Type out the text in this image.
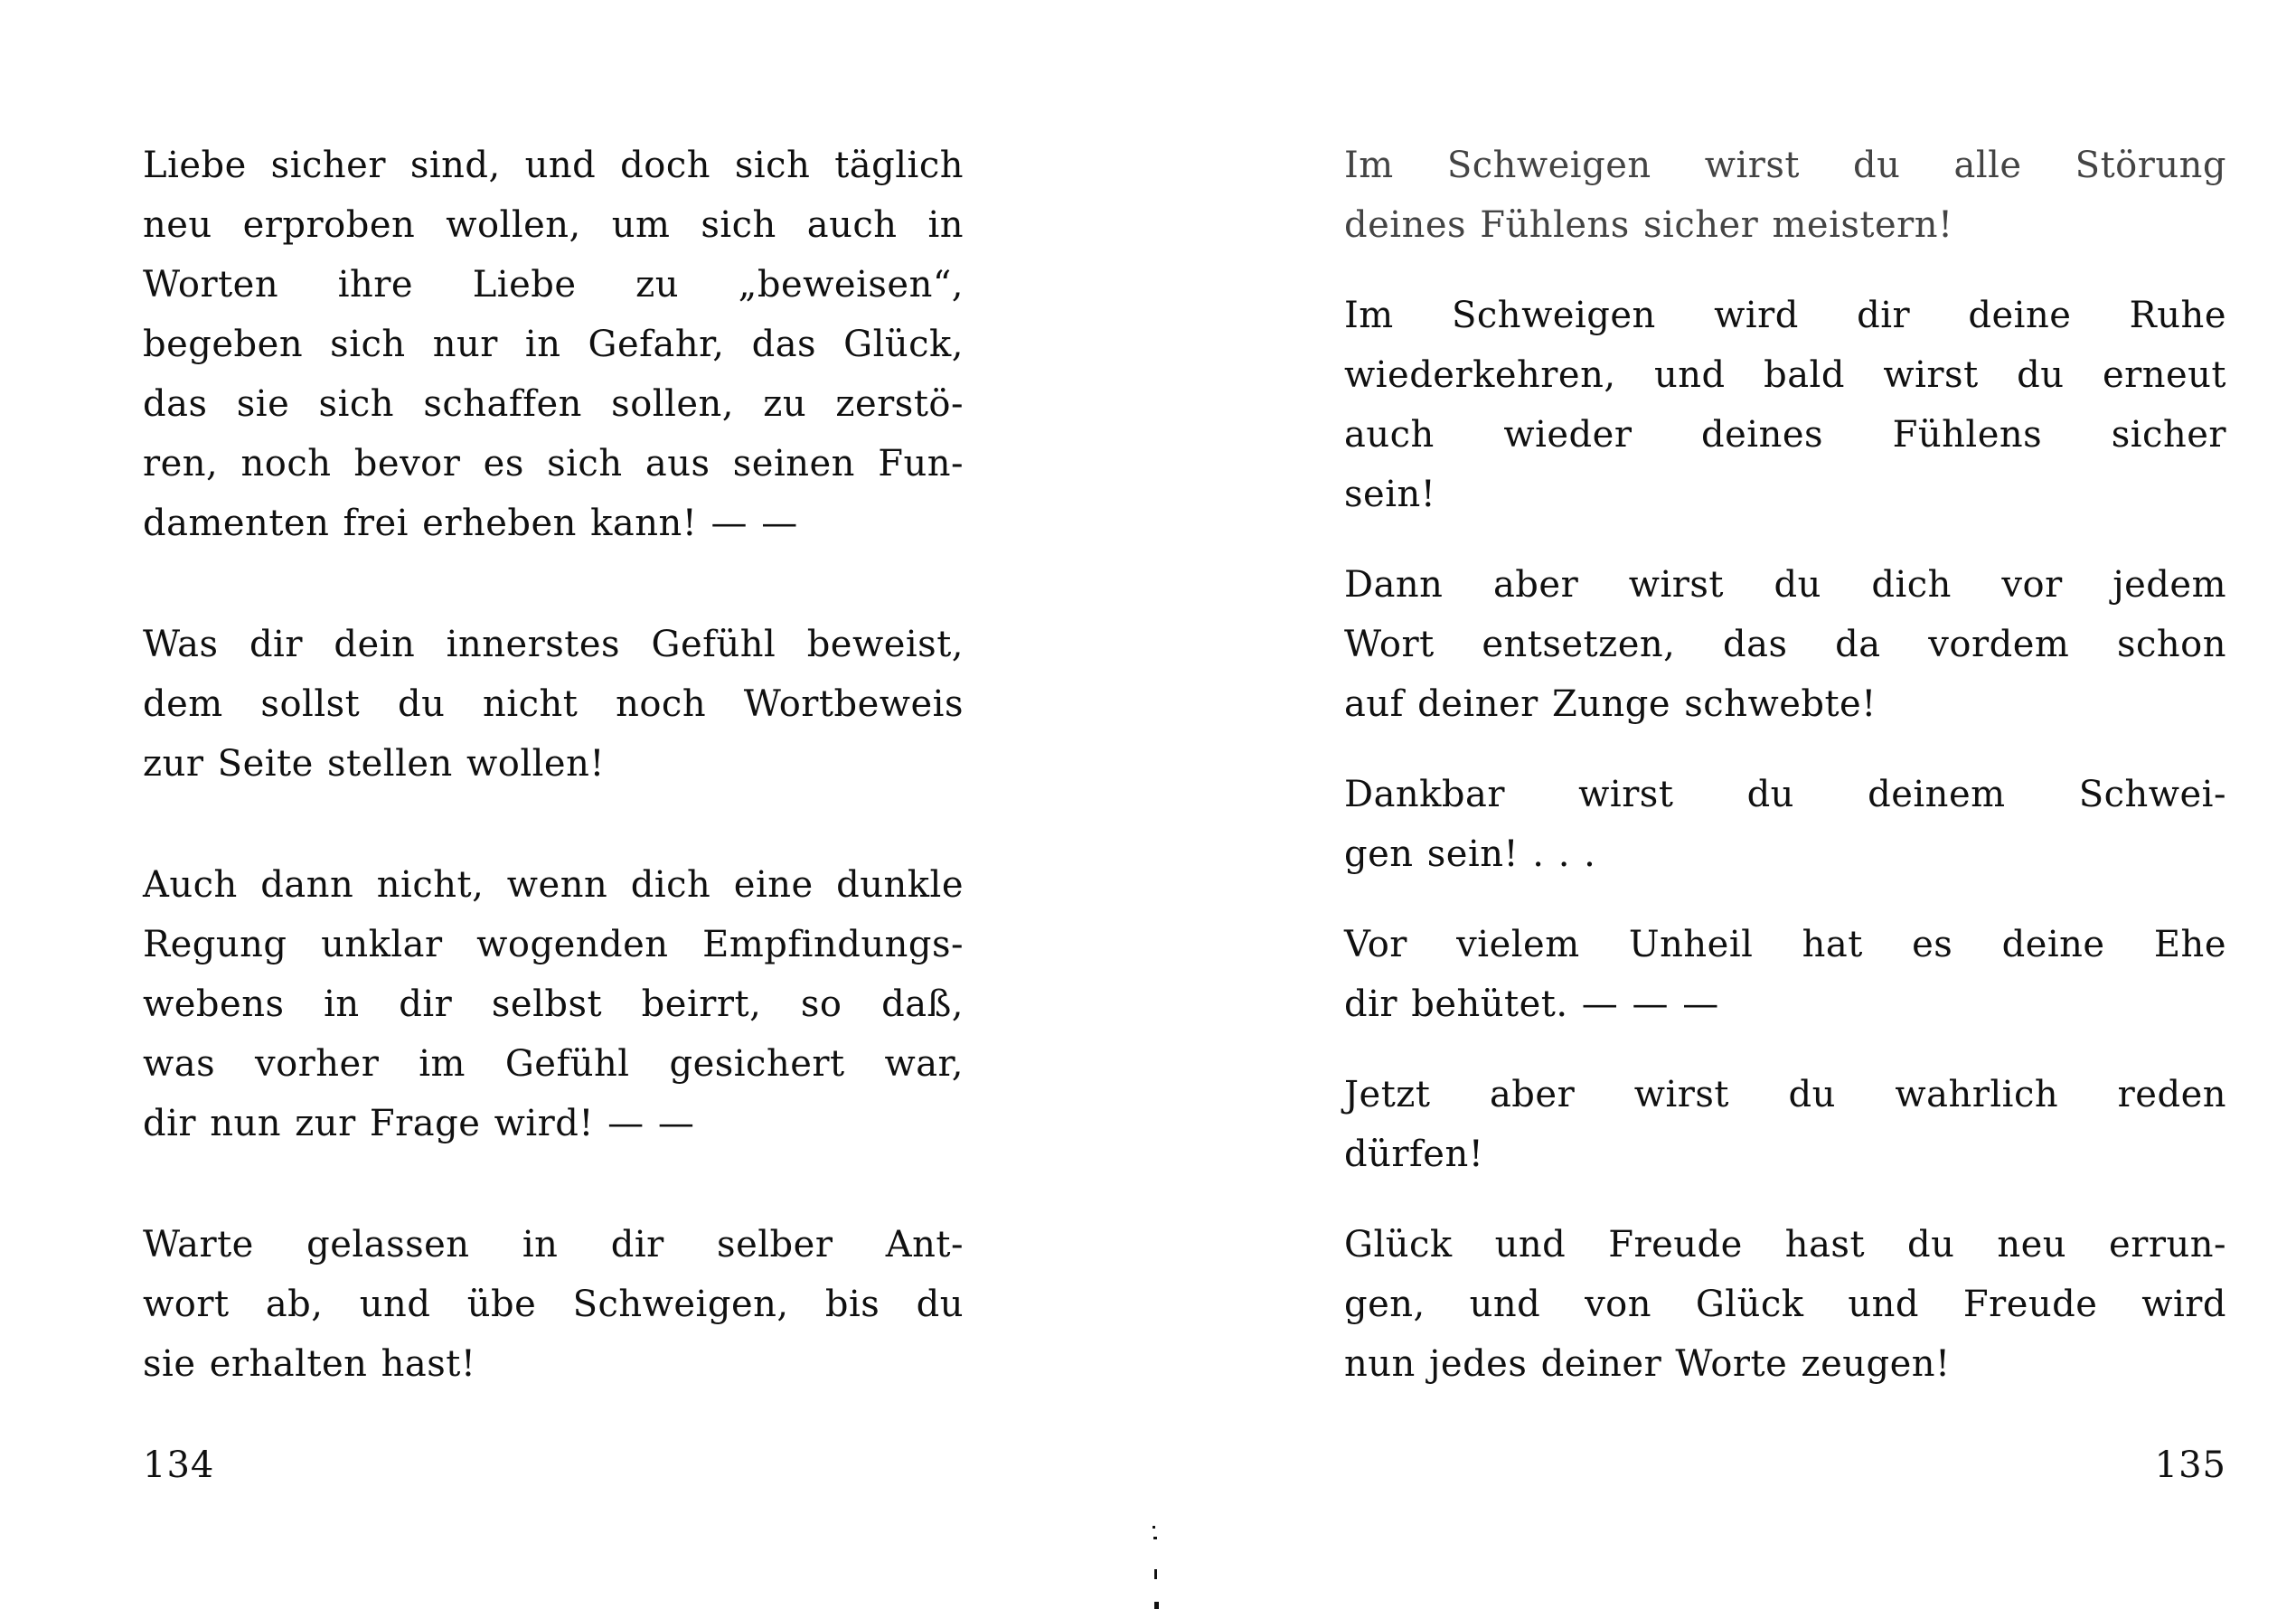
Liebe sicher sind, und doch sich täglich
neu erproben wollen, um sich auch in
Worten ihre Liebe zu „beweisen“,
begeben sich nur in Gefahr, das Glück,
das sie sich schaffen sollen, zu zerstö-
ren, noch bevor es sich aus seinen Fun-
damenten frei erheben kann! — —
Was dir dein innerstes Gefühl beweist,
dem sollst du nicht noch Wortbeweis
zur Seite stellen wollen!
Auch dann nicht, wenn dich eine dunkle
Regung unklar wogenden Empfindungs-
webens in dir selbst beirrt, so daß,
was vorher im Gefühl gesichert war,
dir nun zur Frage wird! — —
Warte gelassen in dir selber Ant-
wort ab, und übe Schweigen, bis du
sie erhalten hast!
Im Schweigen wirst du alle Störung
deines Fühlens sicher meistern!
Im Schweigen wird dir deine Ruhe
wiederkehren, und bald wirst du erneut
auch wieder deines Fühlens sicher
sein!
Dann aber wirst du dich vor jedem
Wort entsetzen, das da vordem schon
auf deiner Zunge schwebte!
Dankbar wirst du deinem Schwei-
gen sein! . . .
Vor vielem Unheil hat es deine Ehe
dir behütet. — — —
Jetzt aber wirst du wahrlich reden
dürfen!
Glück und Freude hast du neu errun-
gen, und von Glück und Freude wird
nun jedes deiner Worte zeugen!
134	135
